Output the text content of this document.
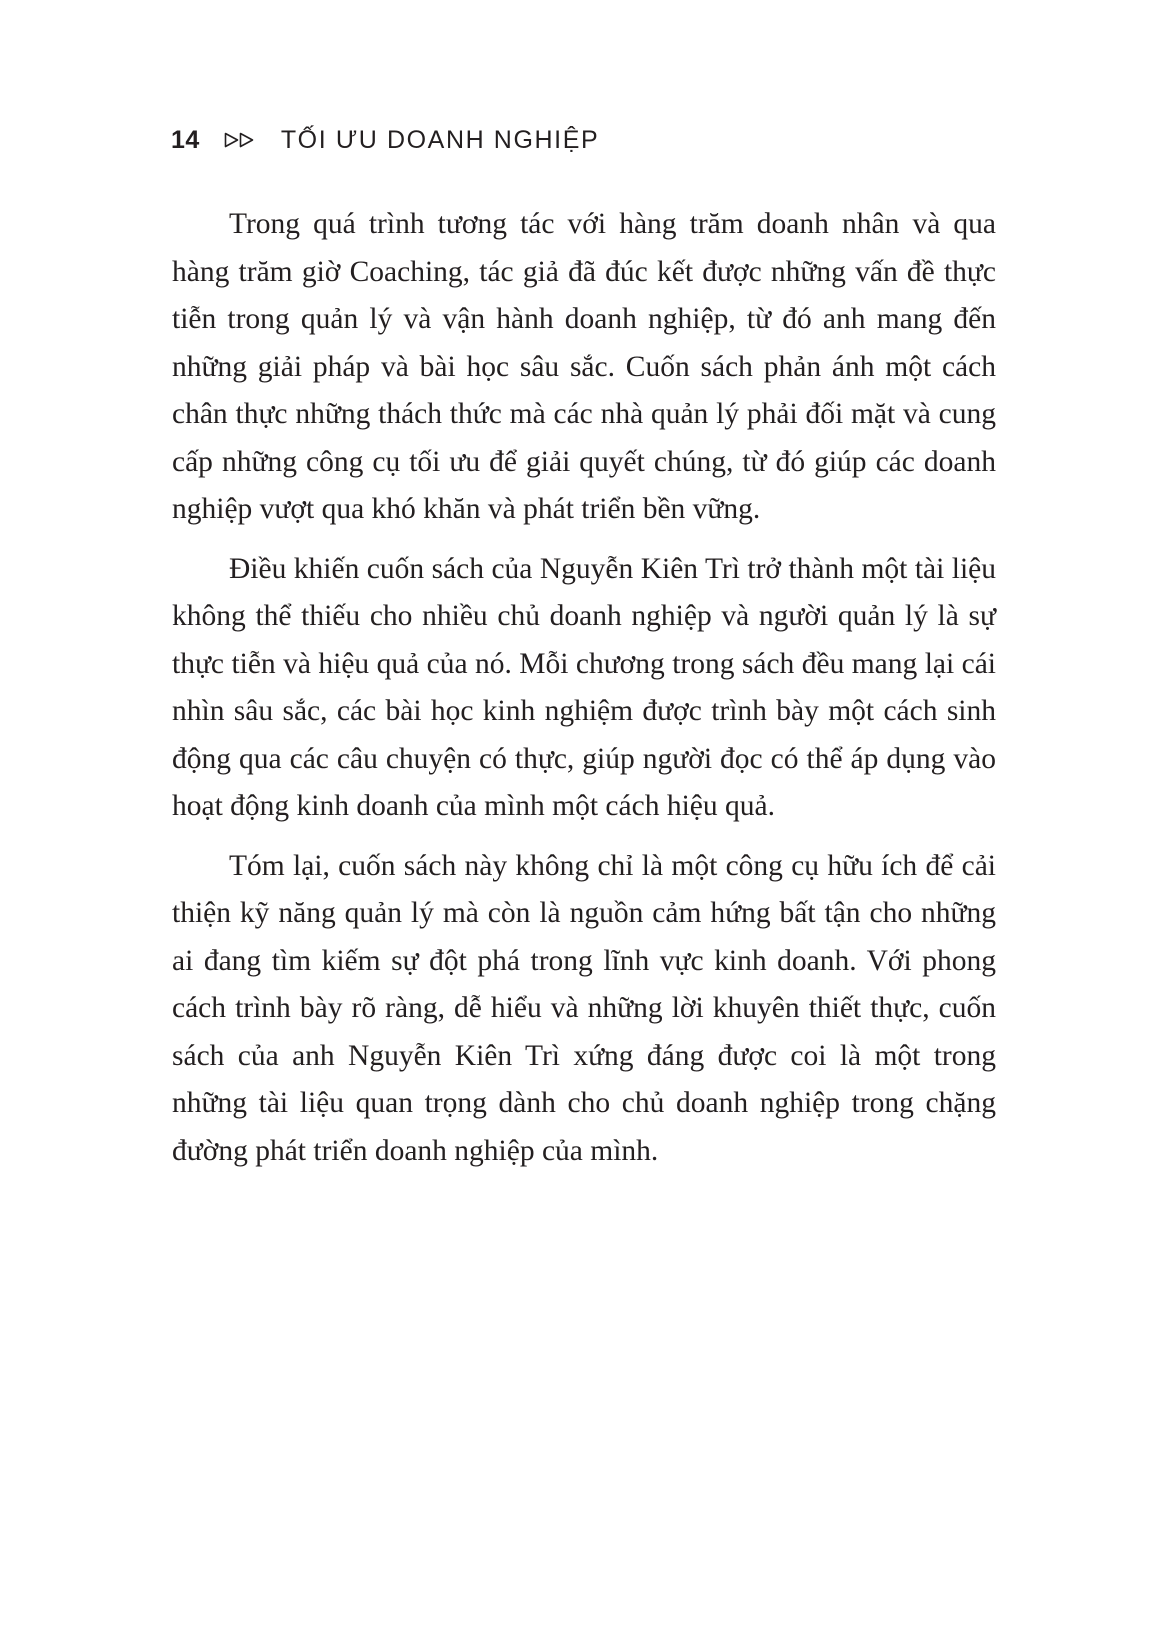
14	TỐI ƯU DOANH NGHIỆP

Trong quá trình tương tác với hàng trăm doanh nhân và qua hàng trăm giờ Coaching, tác giả đã đúc kết được những vấn đề thực tiễn trong quản lý và vận hành doanh nghiệp, từ đó anh mang đến những giải pháp và bài học sâu sắc. Cuốn sách phản ánh một cách chân thực những thách thức mà các nhà quản lý phải đối mặt và cung cấp những công cụ tối ưu để giải quyết chúng, từ đó giúp các doanh nghiệp vượt qua khó khăn và phát triển bền vững.

Điều khiến cuốn sách của Nguyễn Kiên Trì trở thành một tài liệu không thể thiếu cho nhiều chủ doanh nghiệp và người quản lý là sự thực tiễn và hiệu quả của nó. Mỗi chương trong sách đều mang lại cái nhìn sâu sắc, các bài học kinh nghiệm được trình bày một cách sinh động qua các câu chuyện có thực, giúp người đọc có thể áp dụng vào hoạt động kinh doanh của mình một cách hiệu quả.

Tóm lại, cuốn sách này không chỉ là một công cụ hữu ích để cải thiện kỹ năng quản lý mà còn là nguồn cảm hứng bất tận cho những ai đang tìm kiếm sự đột phá trong lĩnh vực kinh doanh. Với phong cách trình bày rõ ràng, dễ hiểu và những lời khuyên thiết thực, cuốn sách của anh Nguyễn Kiên Trì xứng đáng được coi là một trong những tài liệu quan trọng dành cho chủ doanh nghiệp trong chặng đường phát triển doanh nghiệp của mình.
